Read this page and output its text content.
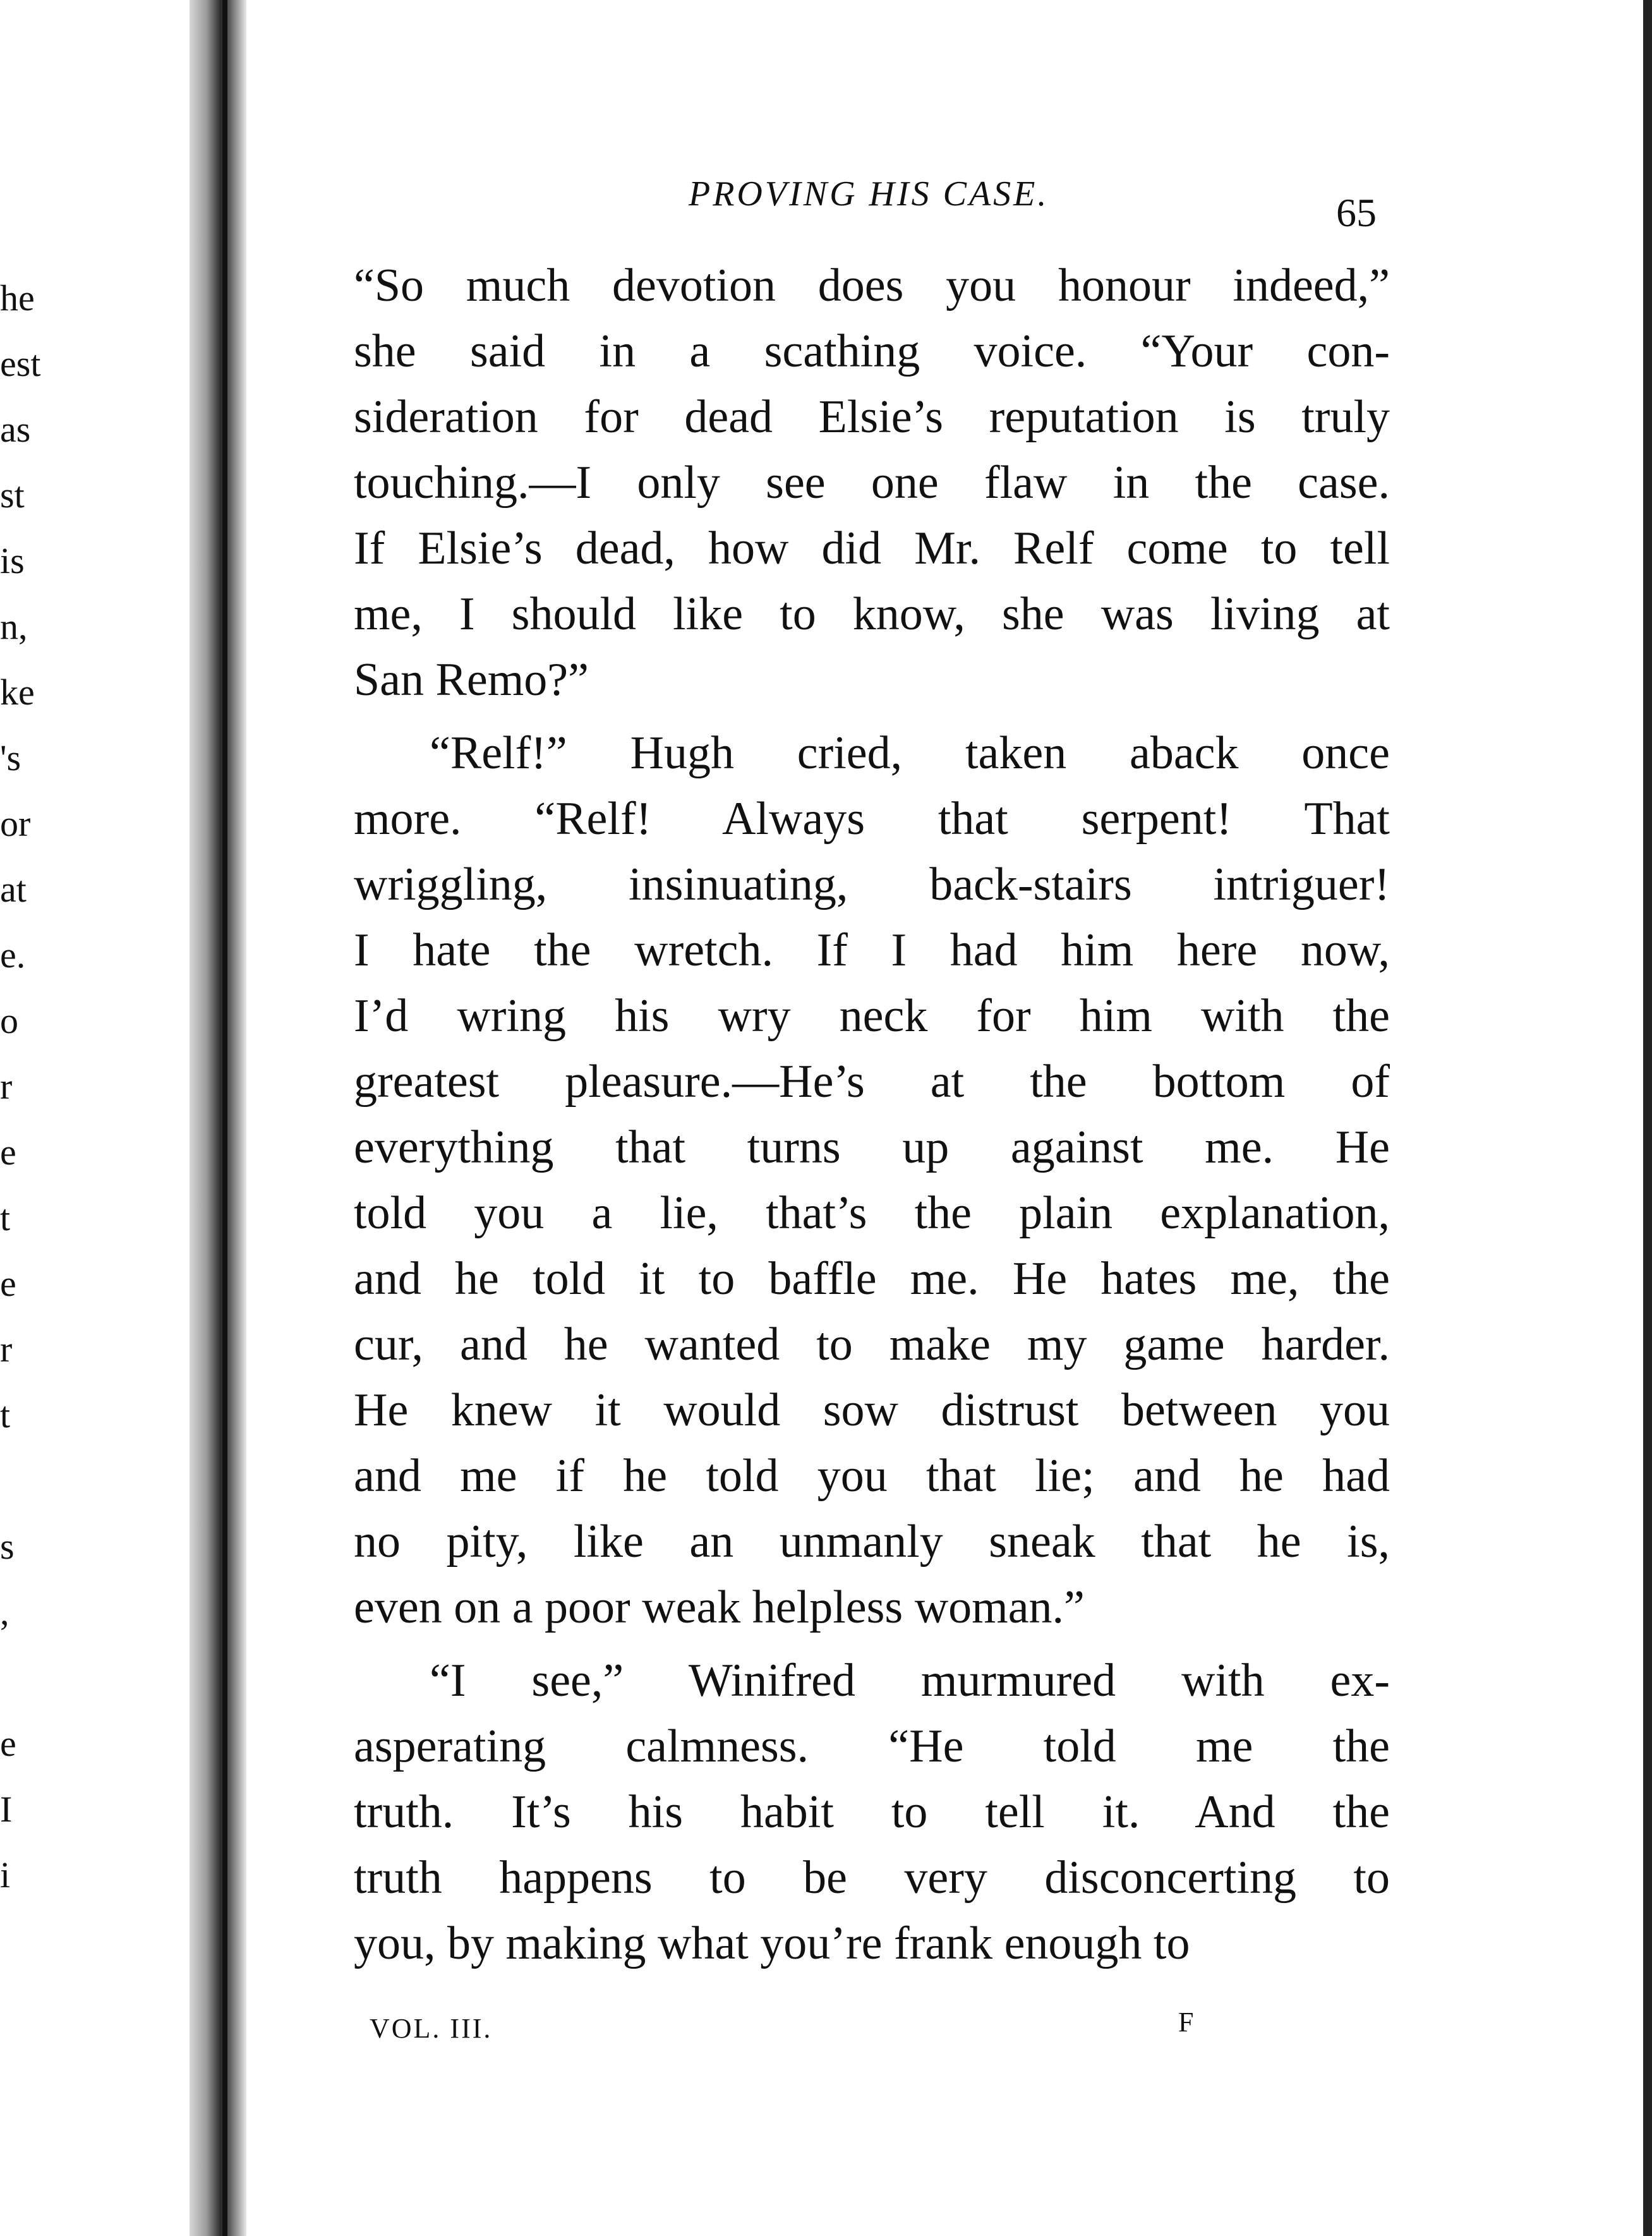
he
est
as
st
is
n,
ke
's
or
at
e.
o
r
e
t
e
r
t
s
,
e
I
i
PROVING HIS CASE.	65
“So much devotion does you honour indeed,”
she said in a scathing voice. “Your con-
sideration for dead Elsie’s reputation is truly
touching.—I only see one flaw in the case.
If Elsie’s dead, how did Mr. Relf come to tell
me, I should like to know, she was living at
San Remo?”
“Relf!” Hugh cried, taken aback once
more. “Relf! Always that serpent! That
wriggling, insinuating, back-stairs intriguer!
I hate the wretch. If I had him here now,
I’d wring his wry neck for him with the
greatest pleasure.—He’s at the bottom of
everything that turns up against me. He
told you a lie, that’s the plain explanation,
and he told it to baffle me. He hates me, the
cur, and he wanted to make my game harder.
He knew it would sow distrust between you
and me if he told you that lie; and he had
no pity, like an unmanly sneak that he is,
even on a poor weak helpless woman.”
“I see,” Winifred murmured with ex-
asperating calmness. “He told me the
truth. It’s his habit to tell it. And the
truth happens to be very disconcerting to
you, by making what you’re frank enough to
VOL. III.	F
